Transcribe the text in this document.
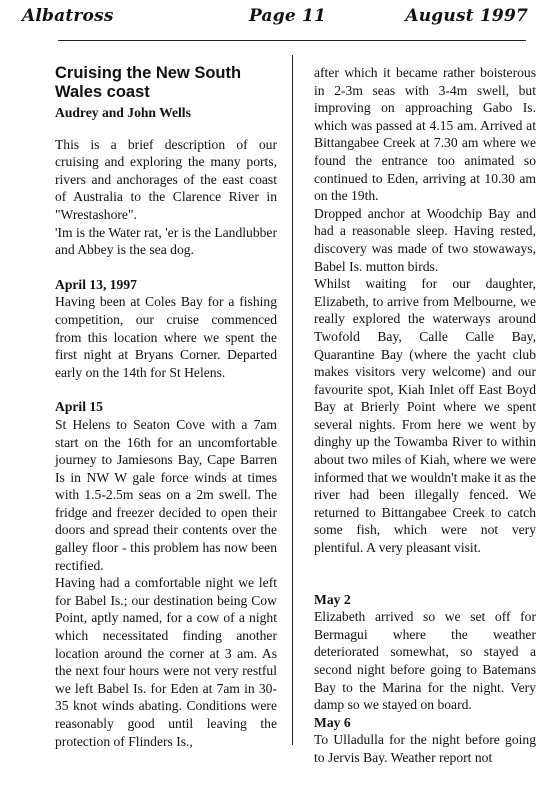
Albatross	Page 11	August 1997
Cruising the New South Wales coast
Audrey and John Wells

This is a brief description of our cruising and exploring the many ports, rivers and anchorages of the east coast of Australia to the Clarence River in "Wrestashore".

'Im is the Water rat, 'er is the Landlubber and Abbey is the sea dog.

April 13, 1997

Having been at Coles Bay for a fishing competition, our cruise commenced from this location where we spent the first night at Bryans Corner. Departed early on the 14th for St Helens.

April 15

St Helens to Seaton Cove with a 7am start on the 16th for an uncomfortable journey to Jamiesons Bay, Cape Barren Is in NW W gale force winds at times with 1.5-2.5m seas on a 2m swell. The fridge and freezer decided to open their doors and spread their contents over the galley floor - this problem has now been rectified.

Having had a comfortable night we left for Babel Is.; our destination being Cow Point, aptly named, for a cow of a night which necessitated finding another location around the corner at 3 am. As the next four hours were not very restful we left Babel Is. for Eden at 7am in 30-35 knot winds abating. Conditions were reasonably good until leaving the protection of Flinders Is.,

after which it became rather boisterous in 2-3m seas with 3-4m swell, but improving on approaching Gabo Is. which was passed at 4.15 am. Arrived at Bittangabee Creek at 7.30 am where we found the entrance too animated so continued to Eden, arriving at 10.30 am on the 19th.

Dropped anchor at Woodchip Bay and had a reasonable sleep. Having rested, discovery was made of two stowaways, Babel Is. mutton birds.

Whilst waiting for our daughter, Elizabeth, to arrive from Melbourne, we really explored the waterways around Twofold Bay, Calle Calle Bay, Quarantine Bay (where the yacht club makes visitors very welcome) and our favourite spot, Kiah Inlet off East Boyd Bay at Brierly Point where we spent several nights. From here we went by dinghy up the Towamba River to within about two miles of Kiah, where we were informed that we wouldn't make it as the river had been illegally fenced. We returned to Bittangabee Creek to catch some fish, which were not very plentiful. A very pleasant visit.

May 2

Elizabeth arrived so we set off for Bermagui where the weather deteriorated somewhat, so stayed a second night before going to Batemans Bay to the Marina for the night. Very damp so we stayed on board.

May 6

To Ulladulla for the night before going to Jervis Bay. Weather report not
